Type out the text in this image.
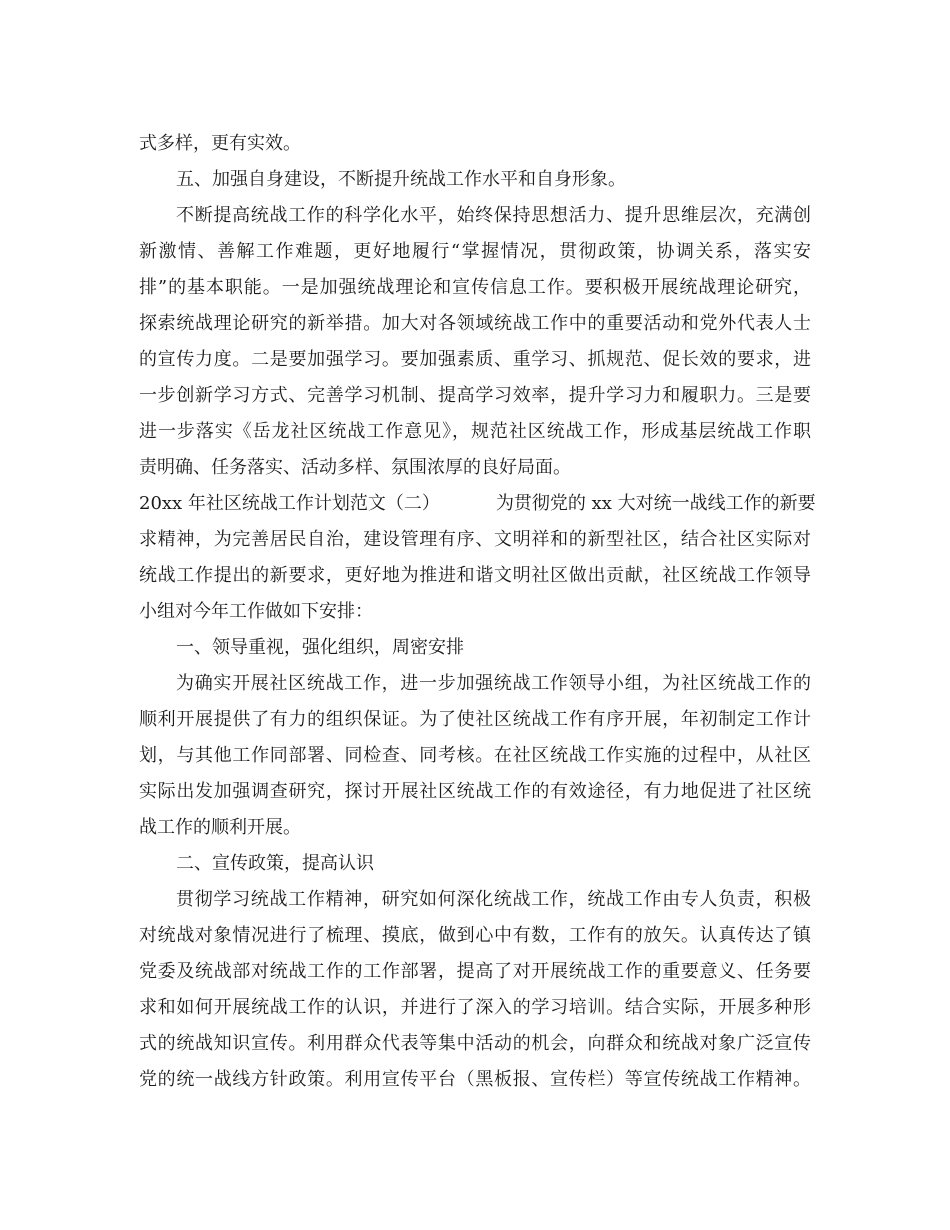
式多样，更有实效。
五、加强自身建设，不断提升统战工作水平和自身形象。
不断提高统战工作的科学化水平，始终保持思想活力、提升思维层次，充满创
新激情、善解工作难题，更好地履行“掌握情况，贯彻政策，协调关系，落实安
排”的基本职能。一是加强统战理论和宣传信息工作。要积极开展统战理论研究，
探索统战理论研究的新举措。加大对各领域统战工作中的重要活动和党外代表人士
的宣传力度。二是要加强学习。要加强素质、重学习、抓规范、促长效的要求，进
一步创新学习方式、完善学习机制、提高学习效率，提升学习力和履职力。三是要
进一步落实《岳龙社区统战工作意见》，规范社区统战工作，形成基层统战工作职
责明确、任务落实、活动多样、氛围浓厚的良好局面。
20xx 年社区统战工作计划范文（二）	为贯彻党的 xx 大对统一战线工作的新要
求精神，为完善居民自治，建设管理有序、文明祥和的新型社区，结合社区实际对
统战工作提出的新要求，更好地为推进和谐文明社区做出贡献，社区统战工作领导
小组对今年工作做如下安排：
一、领导重视，强化组织，周密安排
为确实开展社区统战工作，进一步加强统战工作领导小组，为社区统战工作的
顺利开展提供了有力的组织保证。为了使社区统战工作有序开展，年初制定工作计
划，与其他工作同部署、同检查、同考核。在社区统战工作实施的过程中，从社区
实际出发加强调查研究，探讨开展社区统战工作的有效途径，有力地促进了社区统
战工作的顺利开展。
二、宣传政策，提高认识
贯彻学习统战工作精神，研究如何深化统战工作，统战工作由专人负责，积极
对统战对象情况进行了梳理、摸底，做到心中有数，工作有的放矢。认真传达了镇
党委及统战部对统战工作的工作部署，提高了对开展统战工作的重要意义、任务要
求和如何开展统战工作的认识，并进行了深入的学习培训。结合实际，开展多种形
式的统战知识宣传。利用群众代表等集中活动的机会，向群众和统战对象广泛宣传
党的统一战线方针政策。利用宣传平台（黑板报、宣传栏）等宣传统战工作精神。
